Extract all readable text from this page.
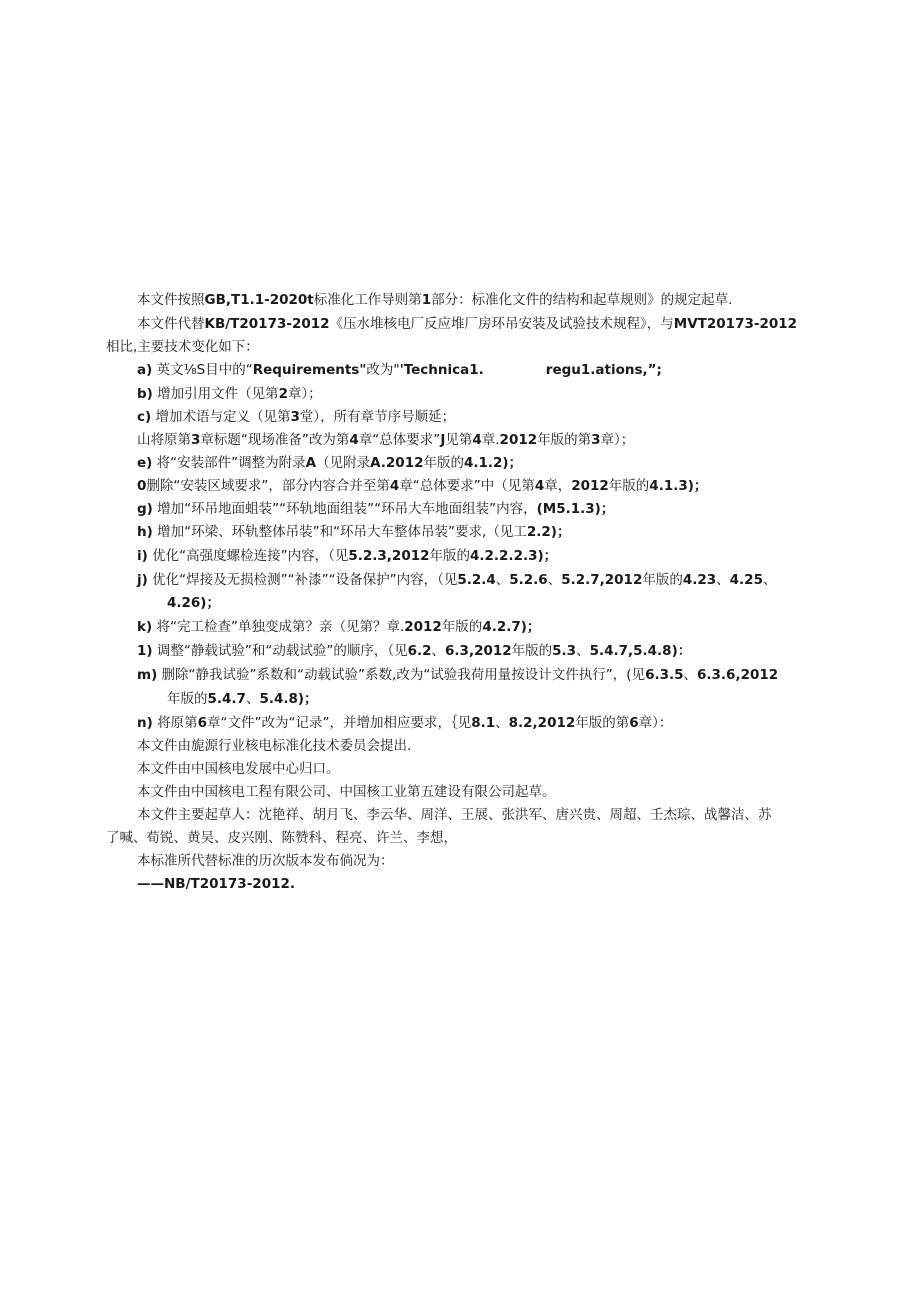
本文件按照GB,T1.1-2020t标准化工作导则第1部分：标准化文件的结构和起草规则》的规定起草.
本文件代替KB/T20173-2012《压水堆核电厂反应堆厂房环吊安装及试验技术规程》，与MVT20173-2012
相比,主要技术变化如下：
a) 英文⅛S目中的“Requirements"改为"'Technica1.	regu1.ations,”;
b) 增加引用文件（见第2章）；
c) 增加术语与定义（见第3堂），所有章节序号顺延；
山将原第3章标题“现场准备”改为第4章“总体要求”J见第4章.2012年版的第3章）；
e) 将“安装部件”调整为附录A（见附录A.2012年版的4.1.2)；
0删除“安装区域要求”，部分内容合并至第4章“总体要求”中（见第4章，2012年版的4.1.3)；
g) 增加“环吊地面蛆装”“环轨地面组装”“环吊大车地面组装”内容，(M5.1.3)；
h) 增加“环梁、环轨整体吊装”和“环吊大车整体吊装”要求,（见工2.2)；
i) 优化“高强度螺检连接”内容，（见5.2.3,2012年版的4.2.2.2.3)；
j) 优化“焊接及无损检测”“补漆”“设备保护”内容，（见5.2.4、5.2.6、5.2.7,2012年版的4.23、4.25、
4.26)；
k) 将“完工检查”单独变成第？亲（见第？章.2012年版的4.2.7)；
1) 调整“静载试验”和“动载试验”的顺序，（见6.2、6.3,2012年版的5.3、5.4.7,5.4.8)：
m) 删除“静我试验”系数和“动载试验”系数,改为“试验我荷用量按设计文件执行”，(见6.3.5、6.3.6,2012
年版的5.4.7、5.4.8)；
n) 将原第6章“文件”改为“记录”，并增加相应要求，｛见8.1、8.2,2012年版的第6章）：
本文件由旎源行业核电标准化技术委员会提出.
本文件由中国核电发展中心归口。
本文件由中国核电工程有限公司、中国核工业第五建设有限公司起草。
本文件主要起草人：沈艳祥、胡月飞、李云华、周洋、王展、张洪军、唐兴贵、周超、壬杰琮、战馨洁、苏
了喊、荀锐、黄吴、皮兴刚、陈赞科、程亮、许兰、李想，
本标准所代替标准的历次版本发布倘况为：
——NB/T20173-2012.
